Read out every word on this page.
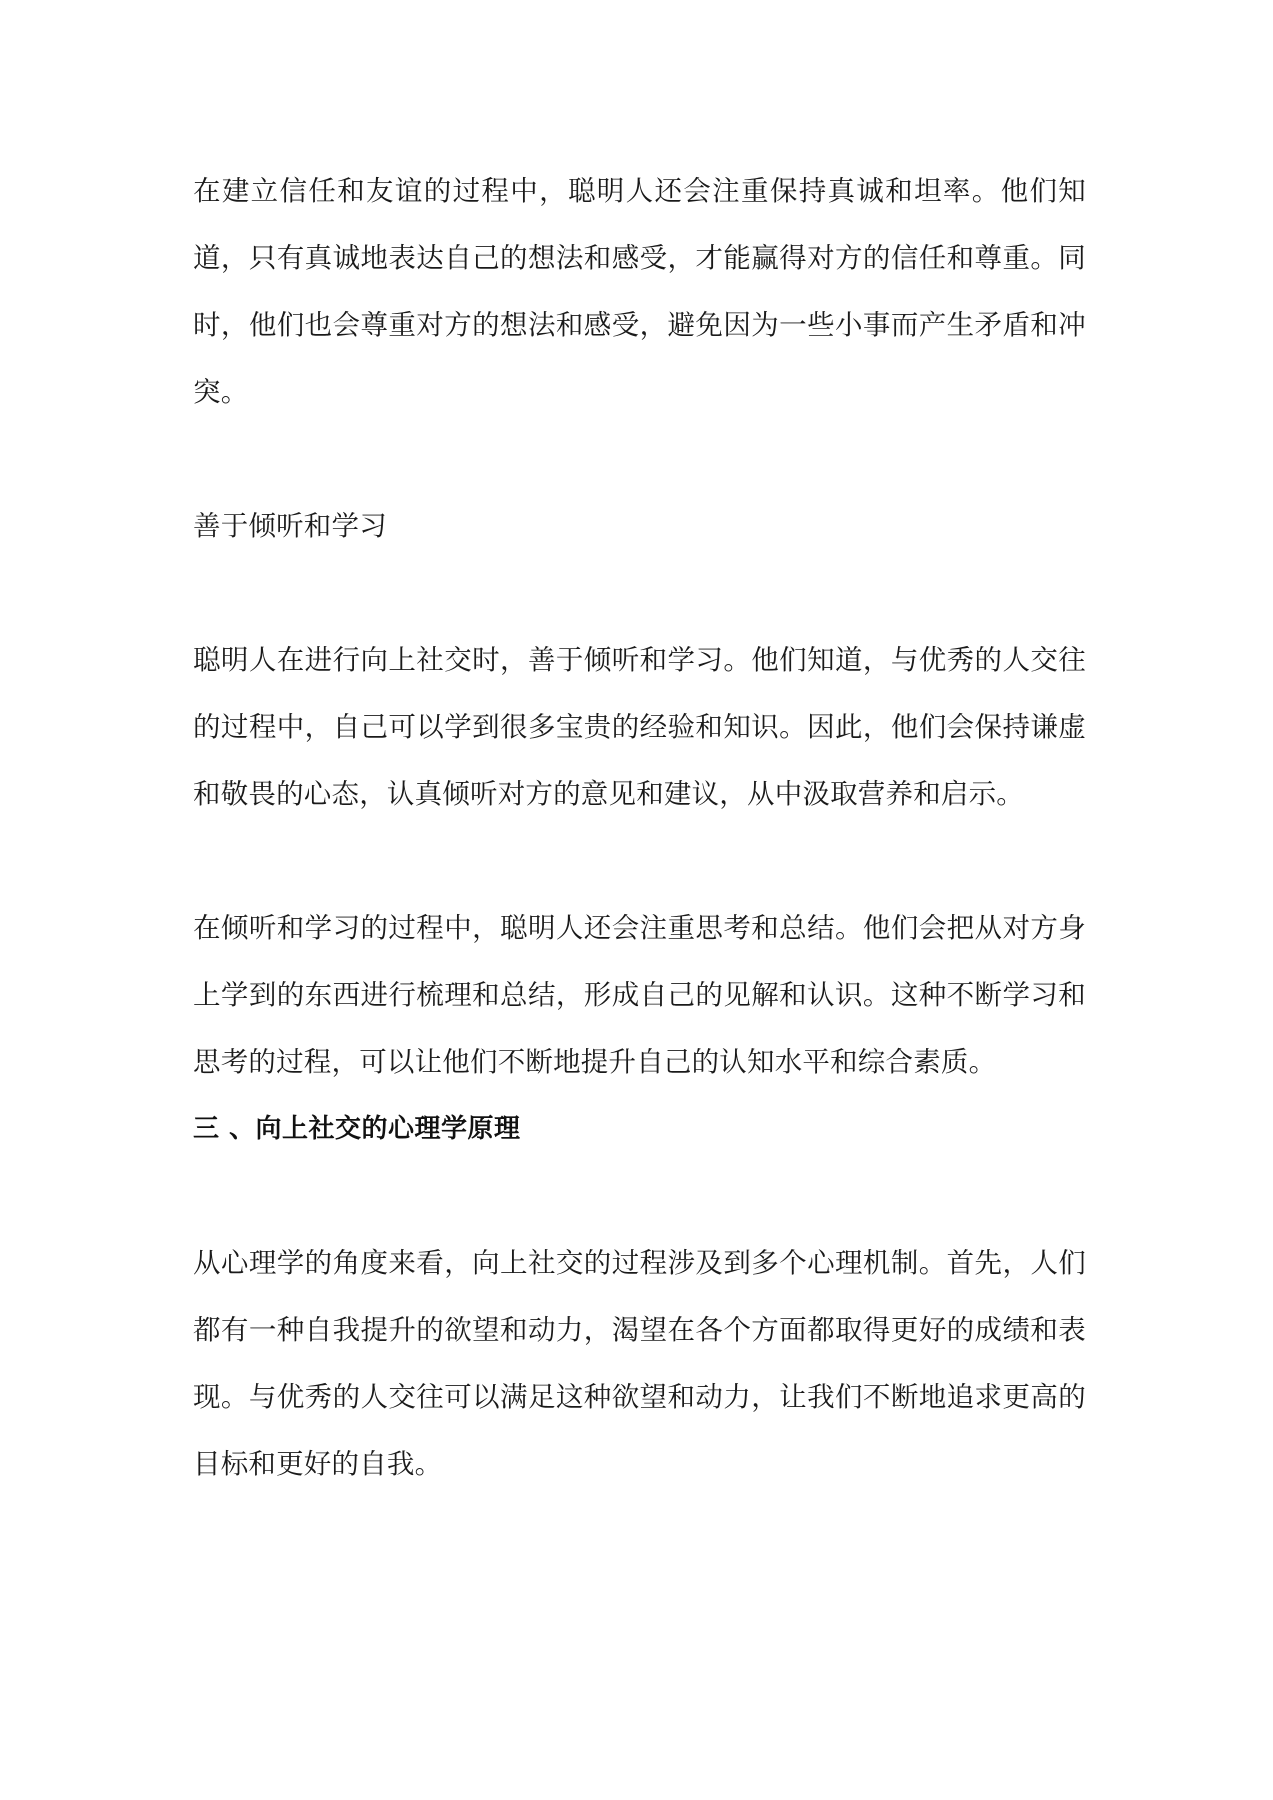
在建立信任和友谊的过程中，聪明人还会注重保持真诚和坦率。他们知道，只有真诚地表达自己的想法和感受，才能赢得对方的信任和尊重。同时，他们也会尊重对方的想法和感受，避免因为一些小事而产生矛盾和冲突。

善于倾听和学习

聪明人在进行向上社交时，善于倾听和学习。他们知道，与优秀的人交往的过程中，自己可以学到很多宝贵的经验和知识。因此，他们会保持谦虚和敬畏的心态，认真倾听对方的意见和建议，从中汲取营养和启示。

在倾听和学习的过程中，聪明人还会注重思考和总结。他们会把从对方身上学到的东西进行梳理和总结，形成自己的见解和认识。这种不断学习和思考的过程，可以让他们不断地提升自己的认知水平和综合素质。

三 、向上社交的心理学原理

从心理学的角度来看，向上社交的过程涉及到多个心理机制。首先，人们都有一种自我提升的欲望和动力，渴望在各个方面都取得更好的成绩和表现。与优秀的人交往可以满足这种欲望和动力，让我们不断地追求更高的目标和更好的自我。
